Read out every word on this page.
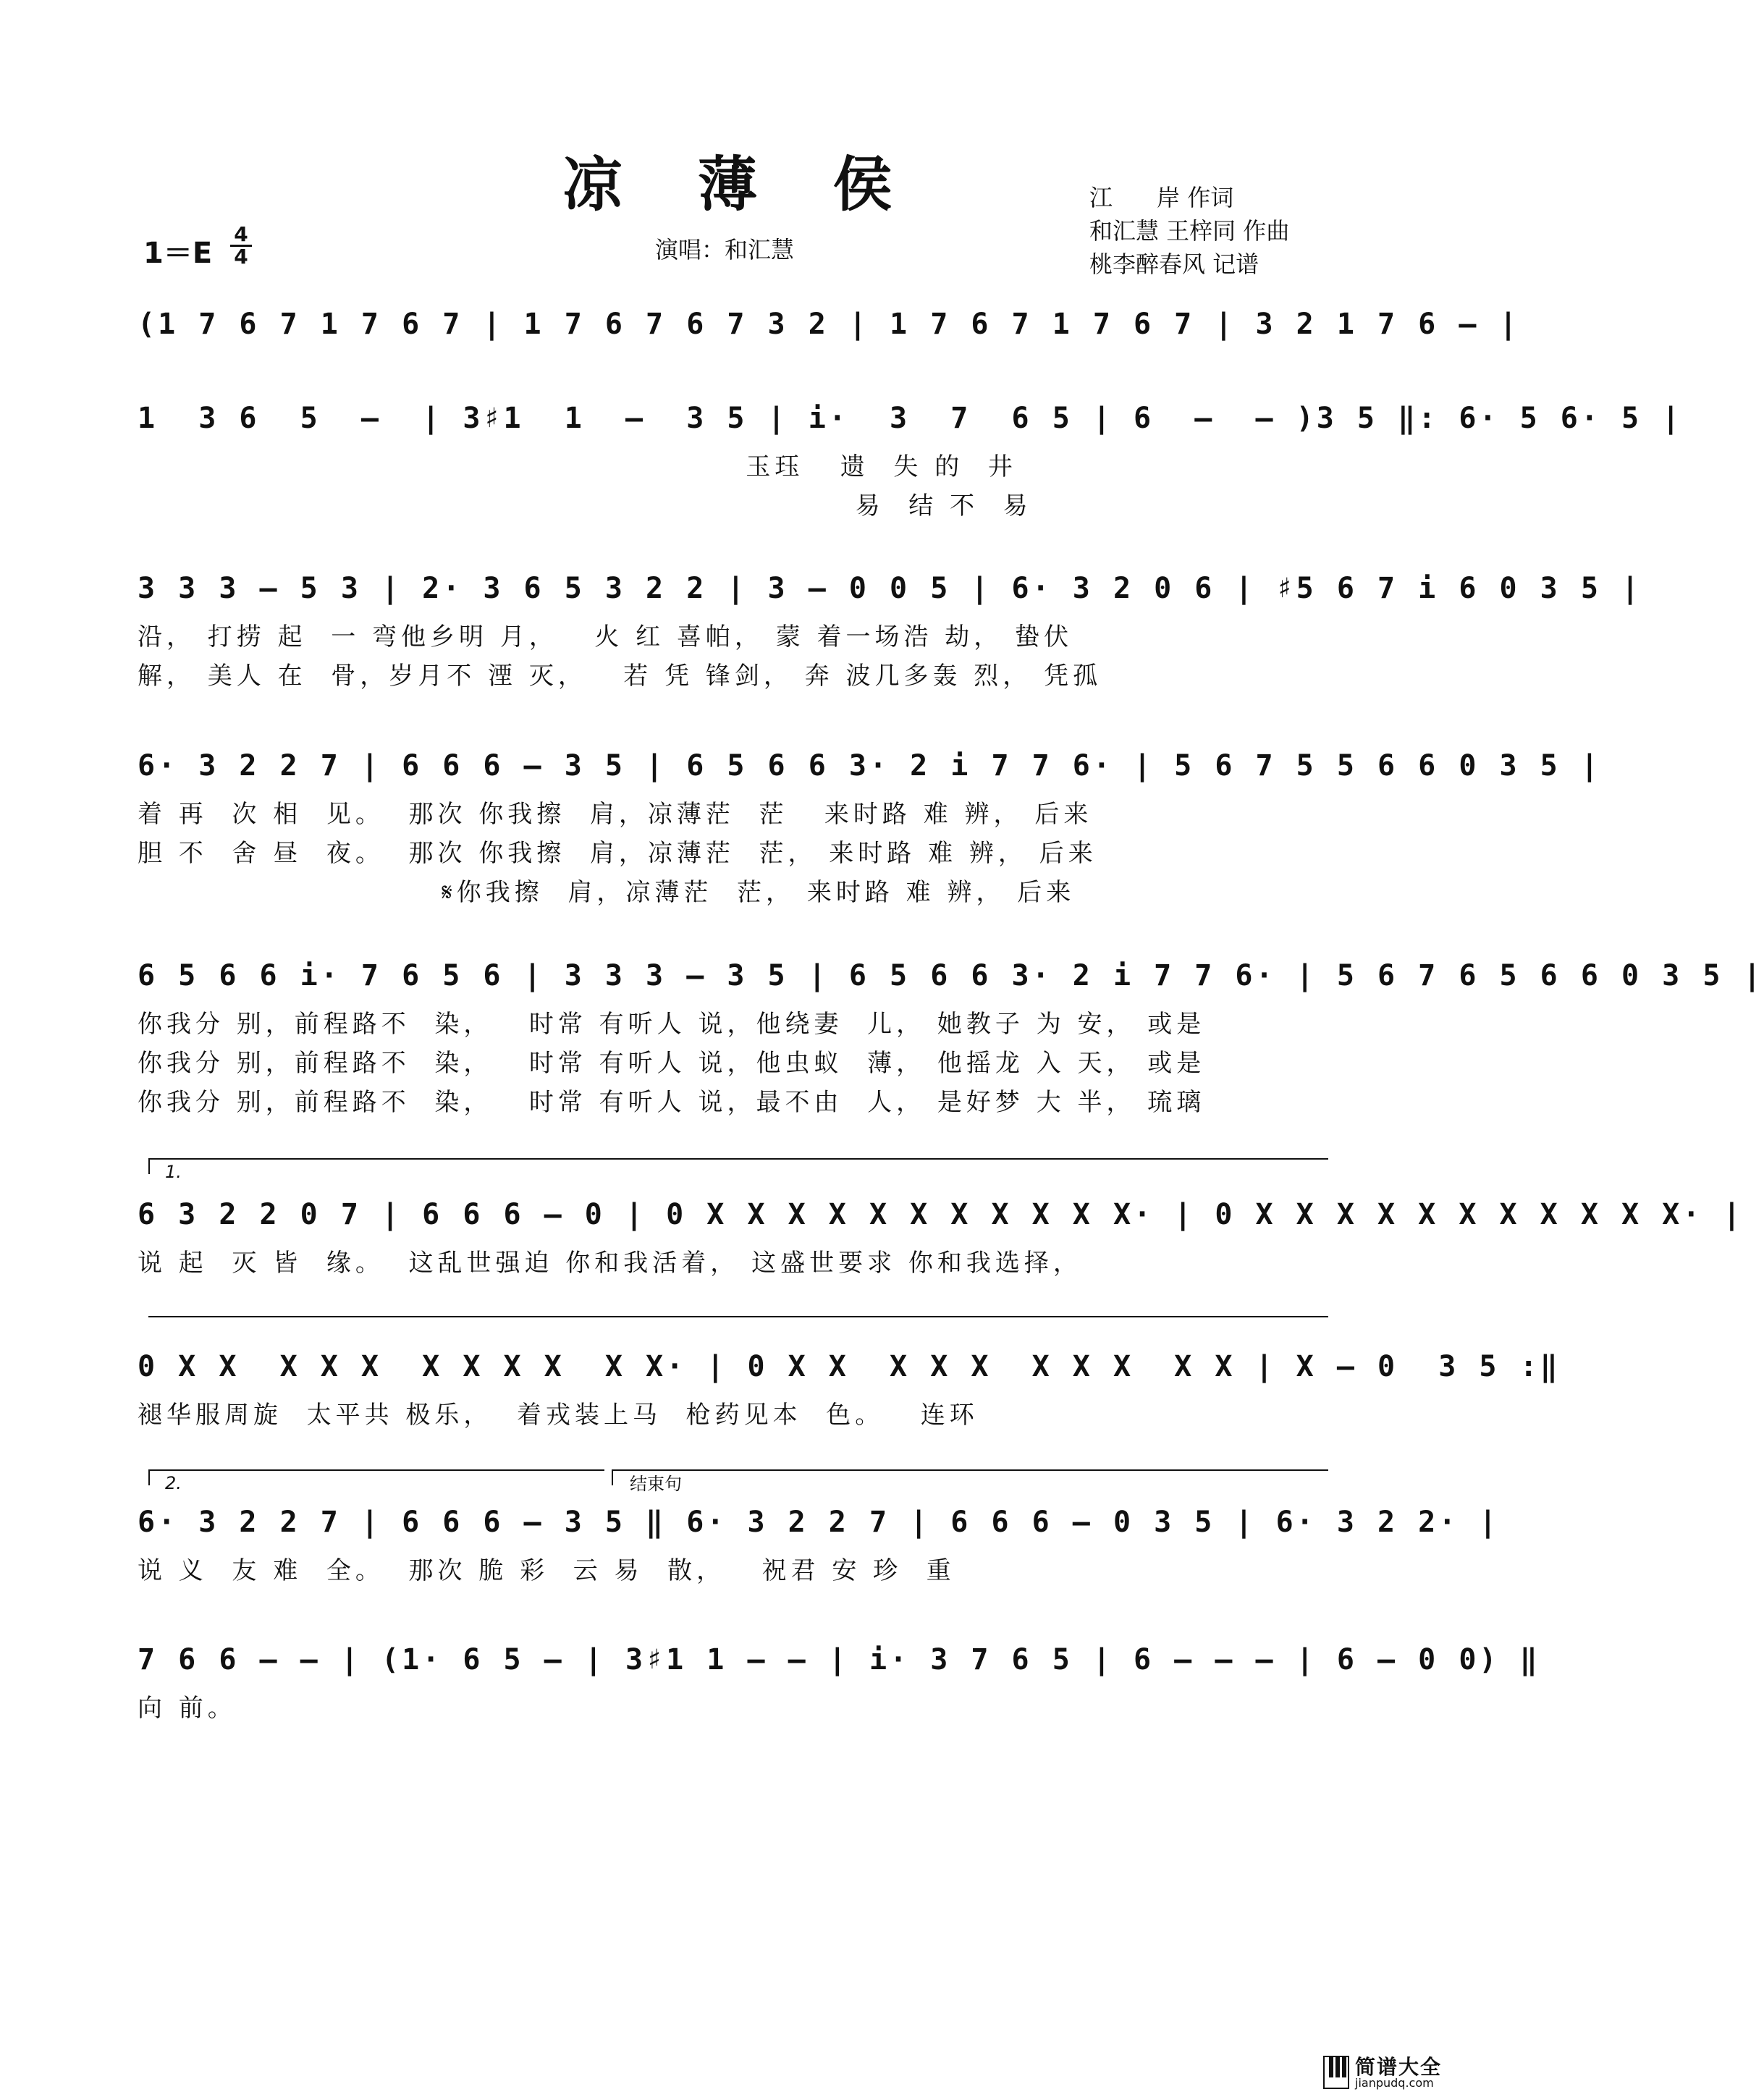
凉 薄 侯	江      岸 作词
和汇慧 王梓同 作曲
桃李醉春风 记谱
演唱：和汇慧
$1=E \frac{4}{4}$
(1 7 6 7 1 7 6 7 | 1 7 6 7 6 7 3 2 | 1 7 6 7 1 7 6 7 | 3 2 1 7 6 – |
1  3 6  5  –  | 3♯1  1  –  3 5 | i·  3  7  6 5 | 6  –  – )3 5 ‖: 6· 5 6· 5 |
玉珏   遗  失 的  井
易  结 不  易
3 3 3 – 5 3 | 2· 3 6 5 3 2 2 | 3 – 0 0 5 | 6· 3 2 0 6 | ♯5 6 7 i 6 0 3 5 |
沿， 打捞 起  一 弯他乡明 月，   火 红 喜帕， 蒙 着一场浩 劫， 蛰伏
解， 美人 在  骨，岁月不 湮 灭，   若 凭 锋剑， 奔 波几多轰 烈， 凭孤
6· 3 2 2 7 | 6 6 6 – 3 5 | 6 5 6 6 3· 2 i 7 7 6· | 5 6 7 5 5 6 6 0 3 5 |
着 再  次 相  见。  那次 你我擦  肩，凉薄茫  茫   来时路 难 辨， 后来
胆 不  舍 昼  夜。  那次 你我擦  肩，凉薄茫  茫， 来时路 难 辨， 后来
𝄋你我擦  肩，凉薄茫  茫， 来时路 难 辨， 后来
6 5 6 6 i· 7 6 5 6 | 3 3 3 – 3 5 | 6 5 6 6 3· 2 i 7 7 6· | 5 6 7 6 5 6 6 0 3 5 |
你我分 别，前程路不  染，   时常 有听人 说，他绕妻  儿， 她教子 为 安， 或是
你我分 别，前程路不  染，   时常 有听人 说，他虫蚁  薄， 他摇龙 入 天， 或是
你我分 别，前程路不  染，   时常 有听人 说，最不由  人， 是好梦 大 半， 琉璃
1.
6 3 2 2 0 7 | 6 6 6 – 0 | 0 X X X X X X X X X X X· | 0 X X X X X X X X X X X· |
说 起  灭 皆  缘。  这乱世强迫 你和我活着， 这盛世要求 你和我选择，
0 X X  X X X  X X X X  X X· | 0 X X  X X X  X X X  X X | X – 0  3 5 :‖
褪华服周旋  太平共 极乐，  着戎装上马  枪药见本  色。   连环
2.	结束句
6· 3 2 2 7 | 6 6 6 – 3 5 ‖ 6· 3 2 2 7 | 6 6 6 – 0 3 5 | 6· 3 2 2· |
说 义  友 难  全。  那次 脆 彩  云 易  散，   祝君 安 珍  重
7 6 6 – – | (1· 6 5 – | 3♯1 1 – – | i· 3 7 6 5 | 6 – – – | 6 – 0 0) ‖
向 前。
简谱大全
jianpudq.com
